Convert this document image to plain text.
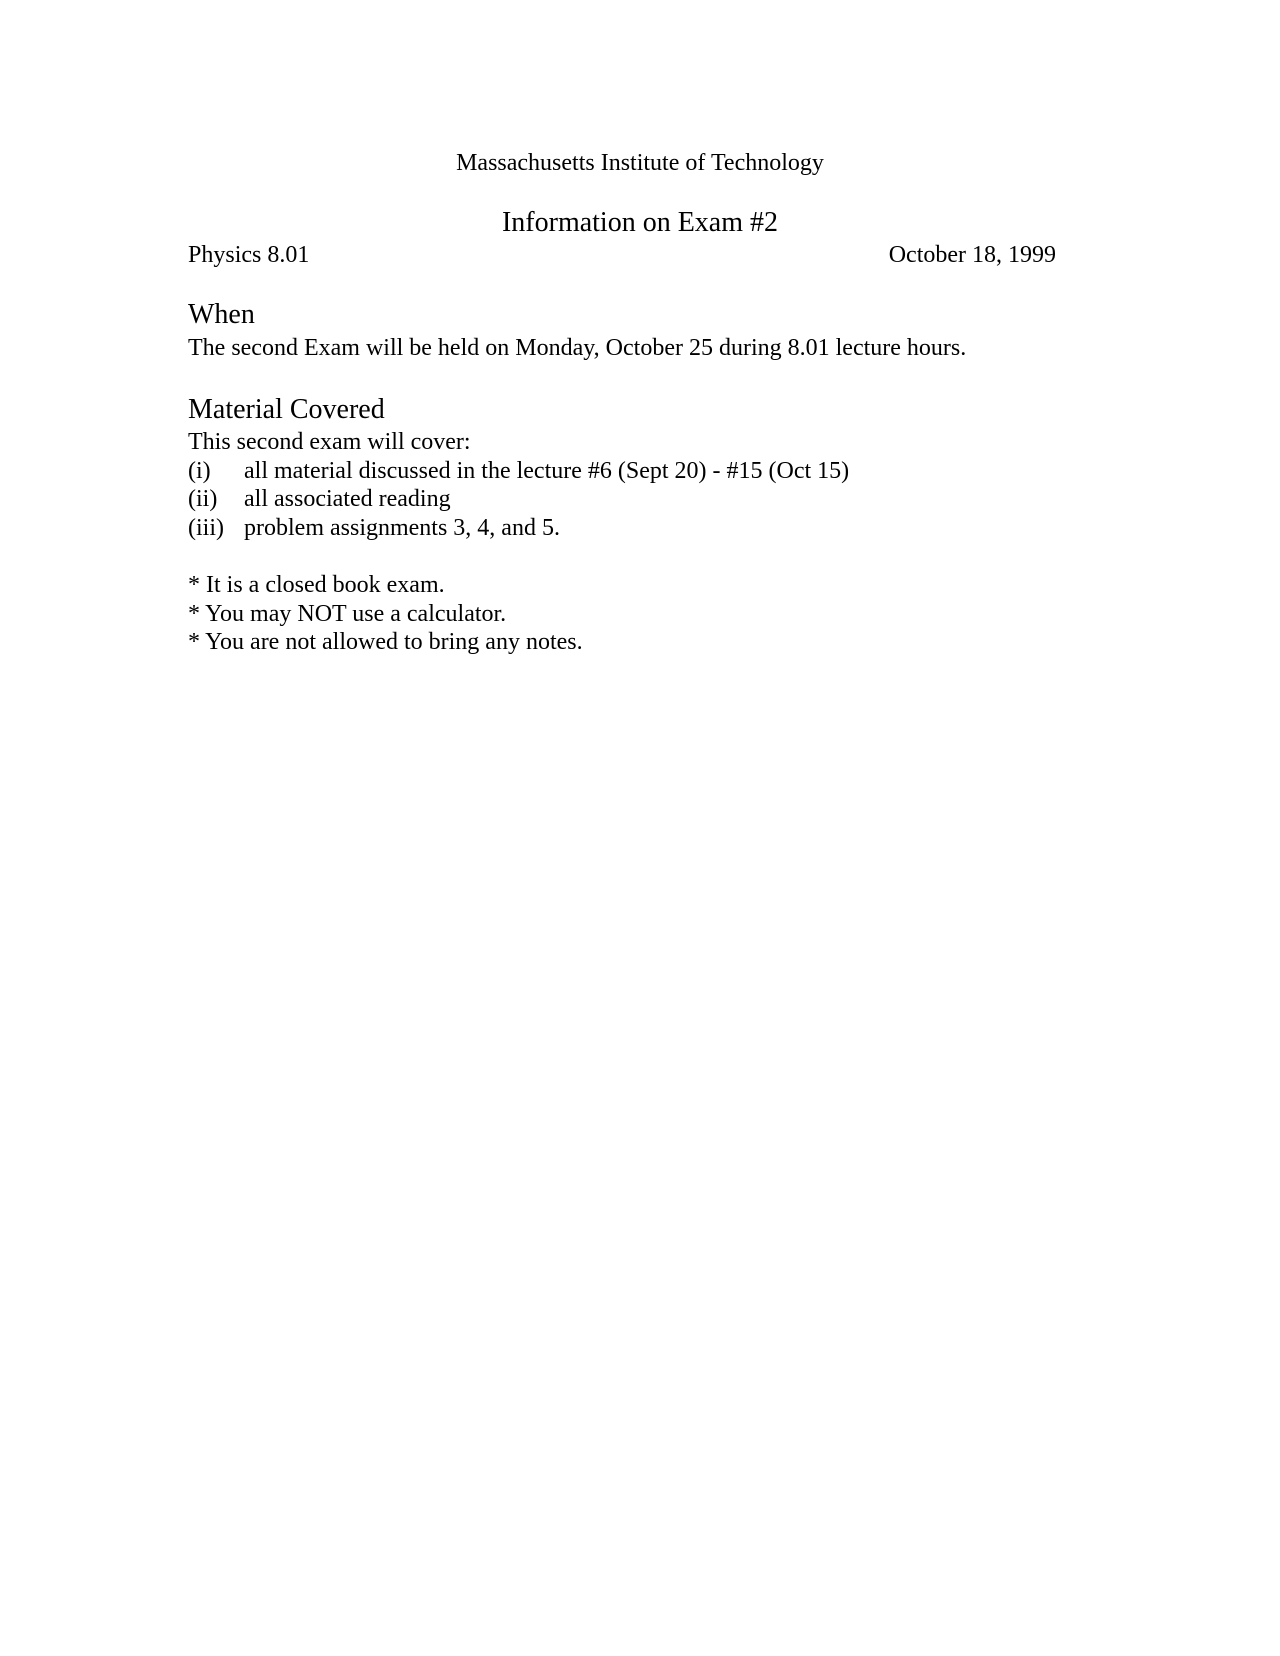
Massachusetts Institute of Technology
Information on Exam #2
Physics 8.01	October 18, 1999
When
The second Exam will be held on Monday, October 25 during 8.01 lecture hours.
Material Covered
This second exam will cover:
(i) all material discussed in the lecture #6 (Sept 20) - #15 (Oct 15)
(ii) all associated reading
(iii) problem assignments 3, 4, and 5.
* It is a closed book exam.
* You may NOT use a calculator.
* You are not allowed to bring any notes.
